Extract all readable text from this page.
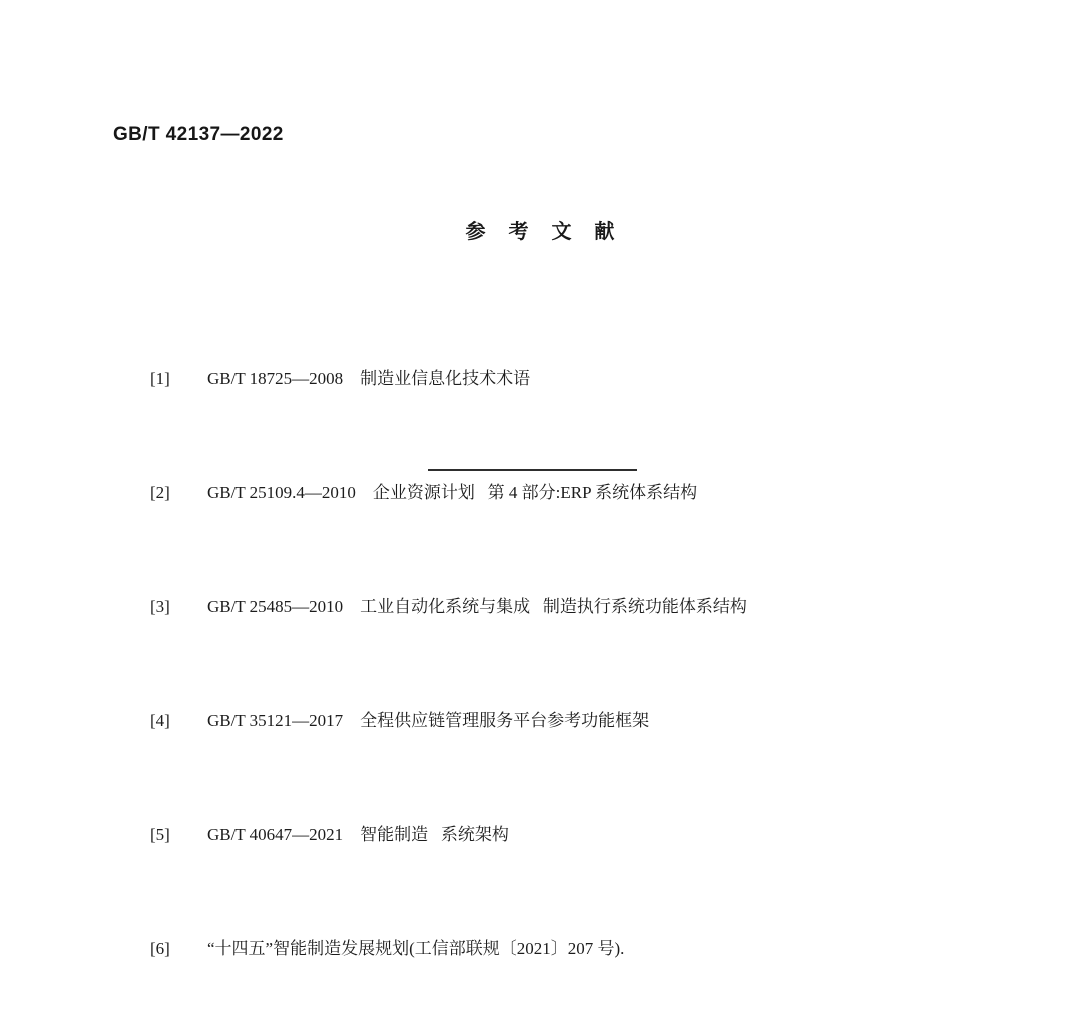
GB/T 42137—2022
参 考 文 献

[1] GB/T 18725—2008    制造业信息化技术术语

[2] GB/T 25109.4—2010    企业资源计划   第 4 部分:ERP 系统体系结构

[3] GB/T 25485—2010    工业自动化系统与集成   制造执行系统功能体系结构

[4] GB/T 35121—2017    全程供应链管理服务平台参考功能框架

[5] GB/T 40647—2021    智能制造   系统架构

[6] “十四五”智能制造发展规划(工信部联规〔2021〕207 号).
